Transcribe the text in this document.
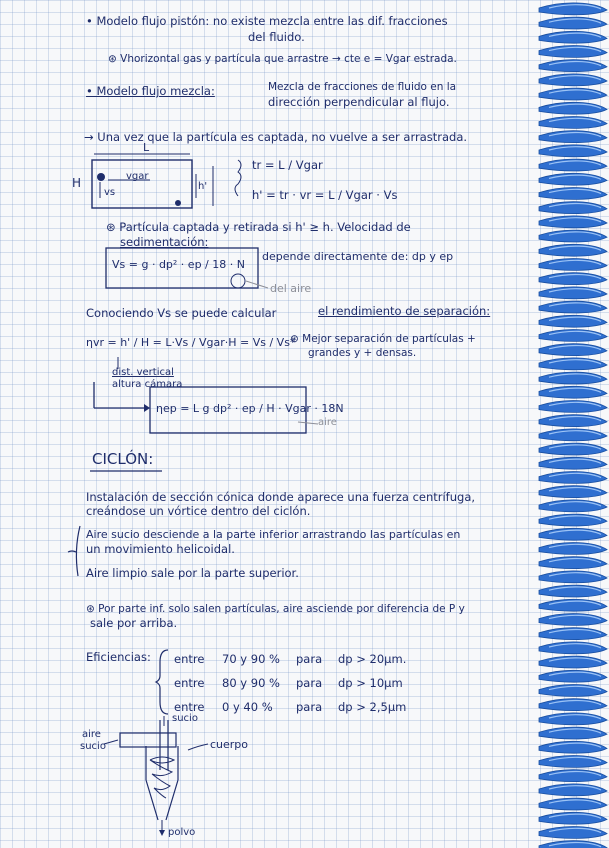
• Modelo flujo pistón: no existe mezcla entre las dif. fracciones
del fluido.
⊛ Vhorizontal gas y partícula que arrastre → cte e = Vgar estrada.
• Modelo flujo mezcla:	Mezcla de fracciones de fluido en la
dirección perpendicular al flujo.
→ Una vez que la partícula es captada, no vuelve a ser arrastrada.
L
H	vgar
vs
h'
tr = L / Vgar
h' = tr · vr = L / Vgar · Vs
⊛ Partícula captada y retirada si h' ≥ h. Velocidad de
sedimentación:
Vs = g · dp² · ep / 18 · N
depende directamente de: dp y ep
del aire
Conociendo Vs se puede calcular	el rendimiento de separación:
ηvr = h' / H = L·Vs / Vgar·H = Vs / Vs*
⊛ Mejor separación de partículas +
grandes y + densas.
dist. vertical
altura cámara
ηep = L g dp² · ep / H · Vgar · 18N
aire
CICLÓN:
Instalación de sección cónica donde aparece una fuerza centrífuga,
creándose un vórtice dentro del ciclón.
Aire sucio desciende a la parte inferior arrastrando las partículas en
un movimiento helicoidal.
Aire limpio sale por la parte superior.
⊛ Por parte inf. solo salen partículas, aire asciende por diferencia de P y
sale por arriba.
Eficiencias: entre 70 y 90 % para dp > 20μm.
entre 80 y 90 % para dp > 10μm
entre 0 y 40 % para dp > 2,5μm
sucio
aire
sucio	cuerpo
polvo
